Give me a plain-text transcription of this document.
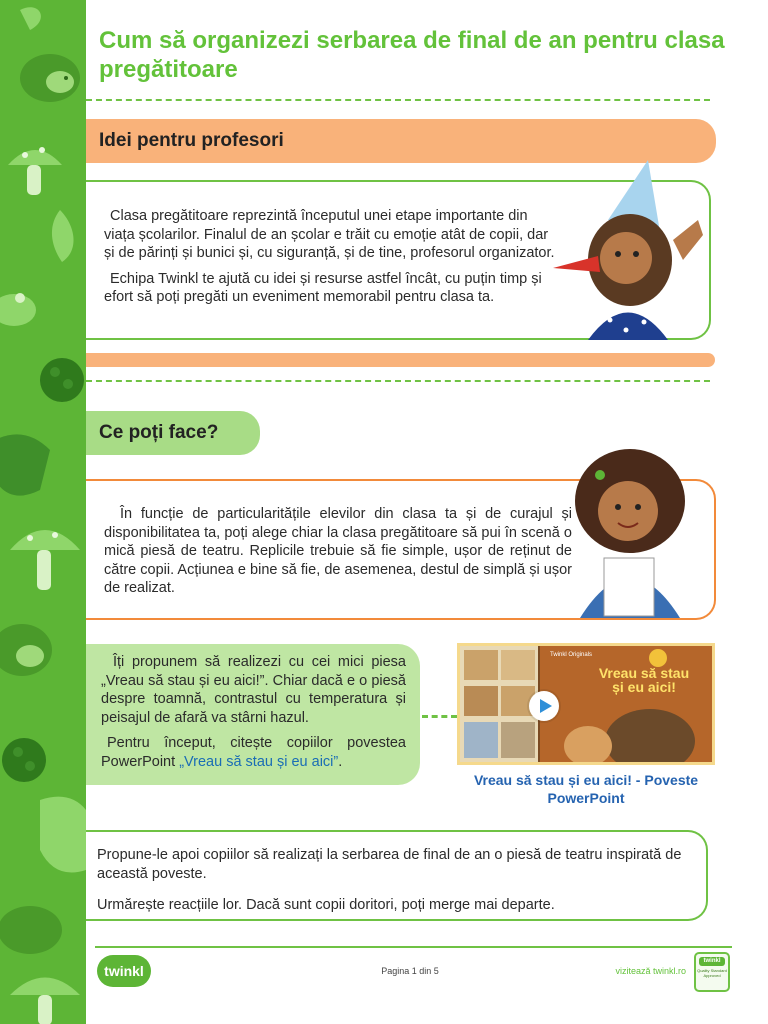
Cum să organizezi serbarea de final de an pentru clasa pregătitoare
Idei pentru profesori

Clasa pregătitoare reprezintă începutul unei etape importante din viața școlarilor. Finalul de an școlar e trăit cu emoție atât de copii, dar și de părinți și bunici și, cu siguranță, și de tine, profesorul organizator.

Echipa Twinkl te ajută cu idei și resurse astfel încât, cu puțin timp și efort să poți pregăti un eveniment memorabil pentru clasa ta.

Ce poți face?

În funcție de particularitățile elevilor din clasa ta și de curajul și disponibilitatea ta, poți alege chiar la clasa pregătitoare să pui în scenă o mică piesă de teatru. Replicile trebuie să fie simple, ușor de reținut de către copii. Acțiunea e bine să fie, de asemenea, destul de simplă și ușor de realizat.

Îți propunem să realizezi cu cei mici piesa „Vreau să stau și eu aici!”. Chiar dacă e o piesă despre toamnă, contrastul cu temperatura și peisajul de afară va stârni hazul.

Pentru început, citește copiilor povestea PowerPoint „Vreau să stau și eu aici”.

Twinkl Originals
Vreau să stau și eu aici!
Vreau să stau și eu aici! - Poveste PowerPoint

Propune-le apoi copiilor să realizați la serbarea de final de an o piesă de teatru inspirată de această poveste.

Urmărește reacțiile lor. Dacă sunt copii doritori, poți merge mai departe.

twinkl	Pagina 1 din 5	vizitează twinkl.ro
twinkl
Quality Standard Approved
